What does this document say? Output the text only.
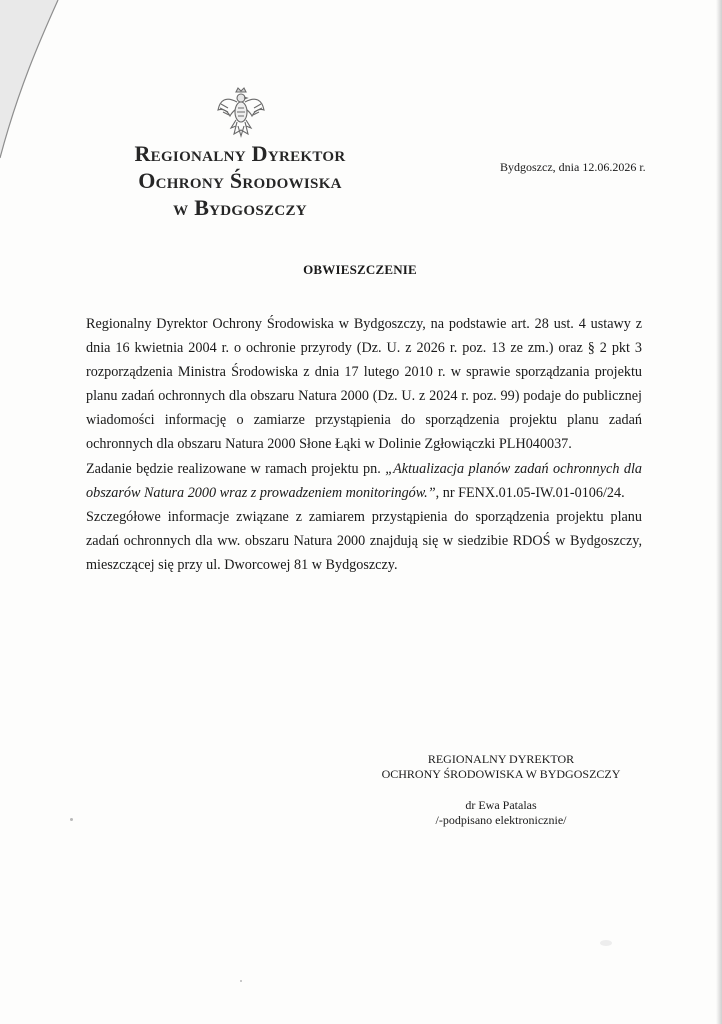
Regionalny Dyrektor
Ochrony Środowiska
w Bydgoszczy
Bydgoszcz, dnia 12.06.2026 r.
OBWIESZCZENIE

Regionalny Dyrektor Ochrony Środowiska w Bydgoszczy, na podstawie art. 28 ust. 4 ustawy z dnia 16 kwietnia 2004 r. o ochronie przyrody (Dz. U. z 2026 r. poz. 13 ze zm.) oraz § 2 pkt 3 rozporządzenia Ministra Środowiska z dnia 17 lutego 2010 r. w sprawie sporządzania projektu planu zadań ochronnych dla obszaru Natura 2000 (Dz. U. z 2024 r. poz. 99) podaje do publicznej wiadomości informację o zamiarze przystąpienia do sporządzenia projektu planu zadań ochronnych dla obszaru Natura 2000 Słone Łąki w Dolinie Zgłowiączki PLH040037.

Zadanie będzie realizowane w ramach projektu pn. „Aktualizacja planów zadań ochronnych dla obszarów Natura 2000 wraz z prowadzeniem monitoringów.”, nr FENX.01.05-IW.01-0106/24.

Szczegółowe informacje związane z zamiarem przystąpienia do sporządzenia projektu planu zadań ochronnych dla ww. obszaru Natura 2000 znajdują się w siedzibie RDOŚ w Bydgoszczy, mieszczącej się przy ul. Dworcowej 81 w Bydgoszczy.

REGIONALNY DYREKTOR
OCHRONY ŚRODOWISKA W BYDGOSZCZY
dr Ewa Patalas
/-podpisano elektronicznie/
